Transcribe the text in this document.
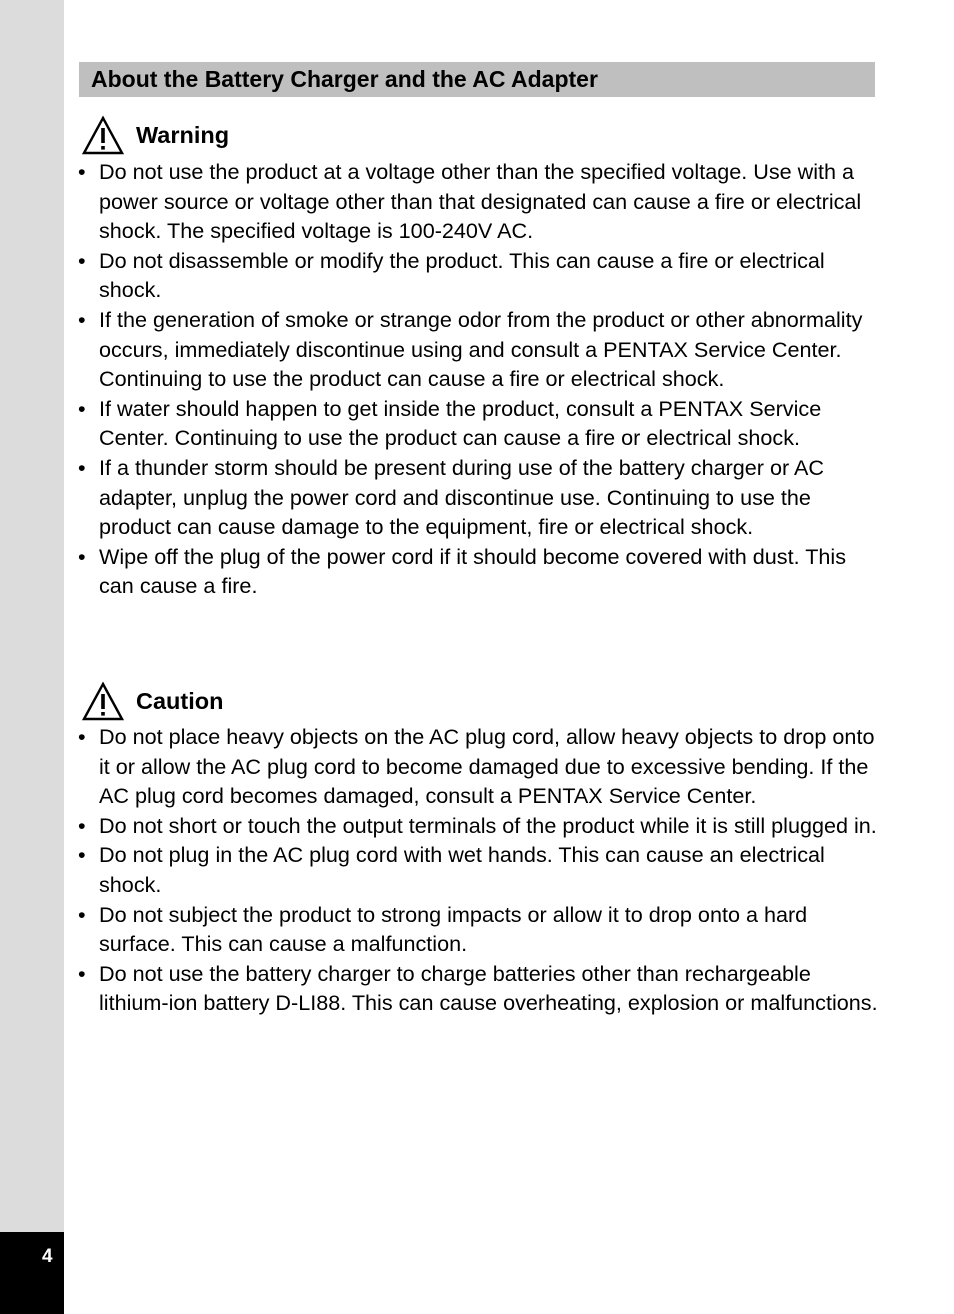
4
About the Battery Charger and the AC Adapter
Warning
• Do not use the product at a voltage other than the specified voltage. Use with a power source or voltage other than that designated can cause a fire or electrical shock. The specified voltage is 100-240V AC.
• Do not disassemble or modify the product. This can cause a fire or electrical shock.
• If the generation of smoke or strange odor from the product or other abnormality occurs, immediately discontinue using and consult a PENTAX Service Center. Continuing to use the product can cause a fire or electrical shock.
• If water should happen to get inside the product, consult a PENTAX Service Center. Continuing to use the product can cause a fire or electrical shock.
• If a thunder storm should be present during use of the battery charger or AC adapter, unplug the power cord and discontinue use. Continuing to use the product can cause damage to the equipment, fire or electrical shock.
• Wipe off the plug of the power cord if it should become covered with dust. This can cause a fire.
Caution
• Do not place heavy objects on the AC plug cord, allow heavy objects to drop onto it or allow the AC plug cord to become damaged due to excessive bending. If the AC plug cord becomes damaged, consult a PENTAX Service Center.
• Do not short or touch the output terminals of the product while it is still plugged in.
• Do not plug in the AC plug cord with wet hands. This can cause an electrical shock.
• Do not subject the product to strong impacts or allow it to drop onto a hard surface. This can cause a malfunction.
• Do not use the battery charger to charge batteries other than rechargeable lithium-ion battery D-LI88. This can cause overheating, explosion or malfunctions.
